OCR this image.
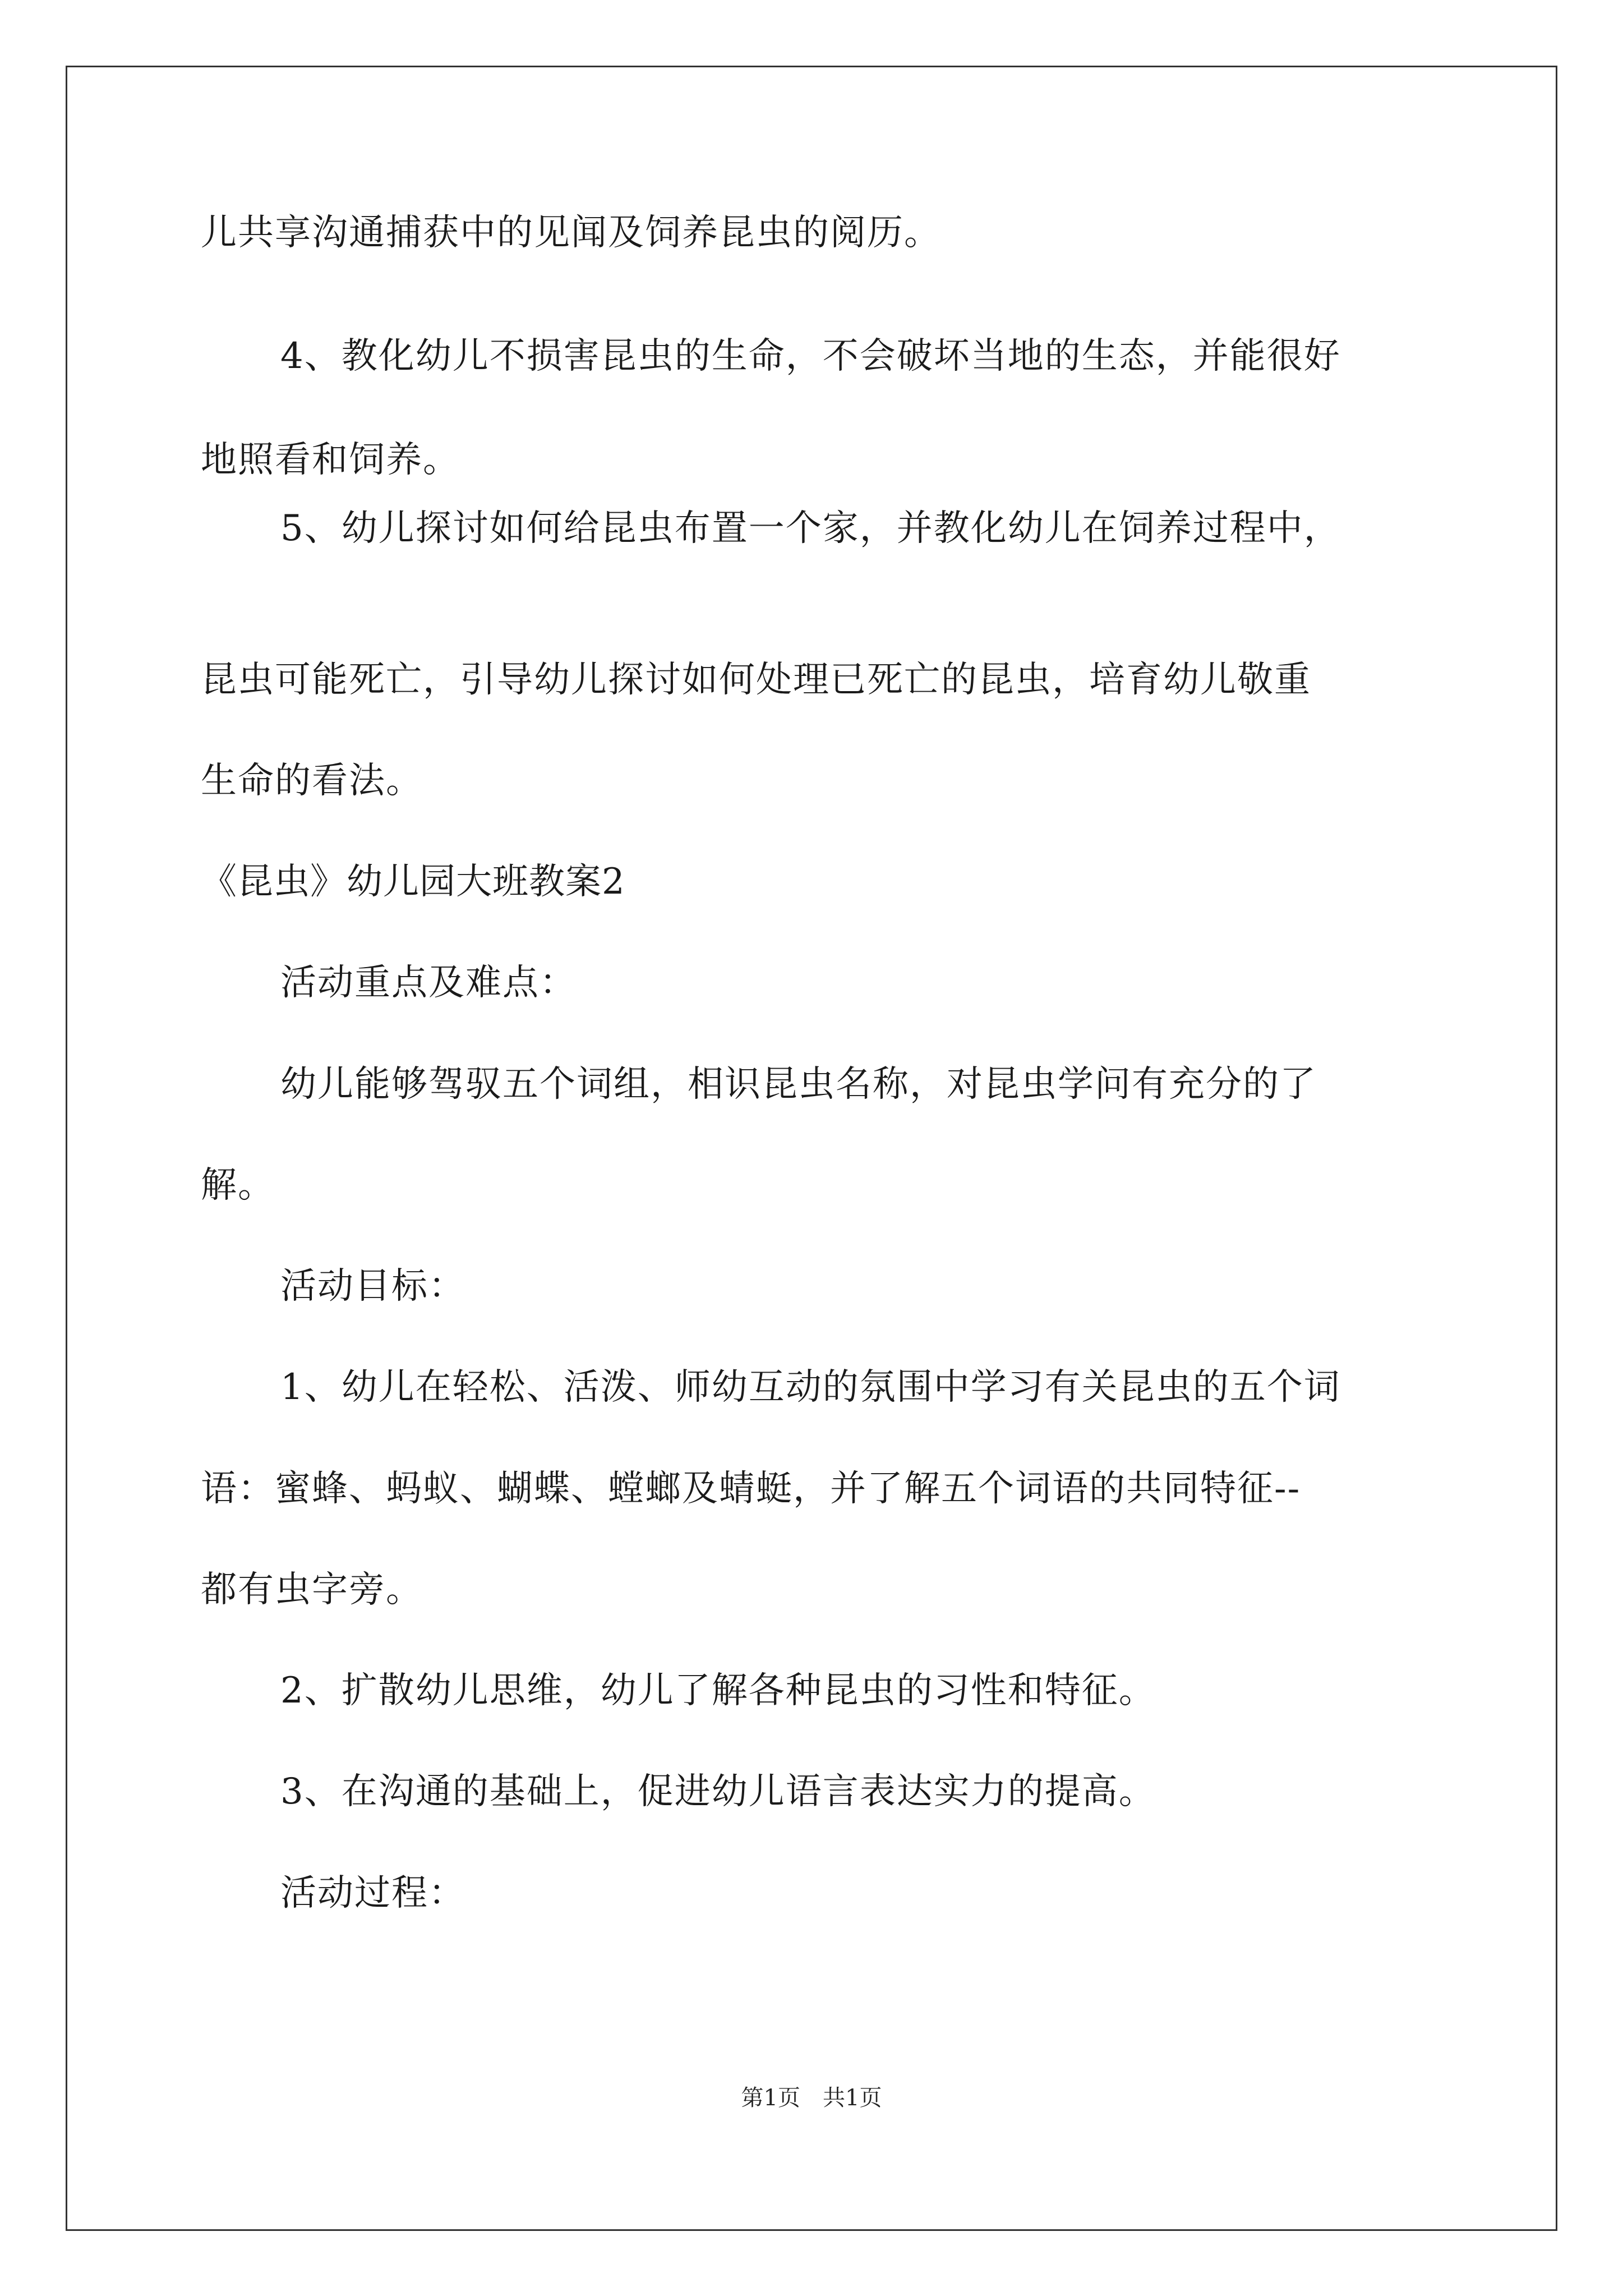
儿共享沟通捕获中的见闻及饲养昆虫的阅历。
4、教化幼儿不损害昆虫的生命，不会破坏当地的生态，并能很好
地照看和饲养。
5、幼儿探讨如何给昆虫布置一个家，并教化幼儿在饲养过程中，
昆虫可能死亡，引导幼儿探讨如何处理已死亡的昆虫，培育幼儿敬重
生命的看法。
《昆虫》幼儿园大班教案2
活动重点及难点：
幼儿能够驾驭五个词组，相识昆虫名称，对昆虫学问有充分的了
解。
活动目标：
1、幼儿在轻松、活泼、师幼互动的氛围中学习有关昆虫的五个词
语：蜜蜂、蚂蚁、蝴蝶、螳螂及蜻蜓，并了解五个词语的共同特征--
都有虫字旁。
2、扩散幼儿思维，幼儿了解各种昆虫的习性和特征。
3、在沟通的基础上，促进幼儿语言表达实力的提高。
活动过程：
第1页　共1页
